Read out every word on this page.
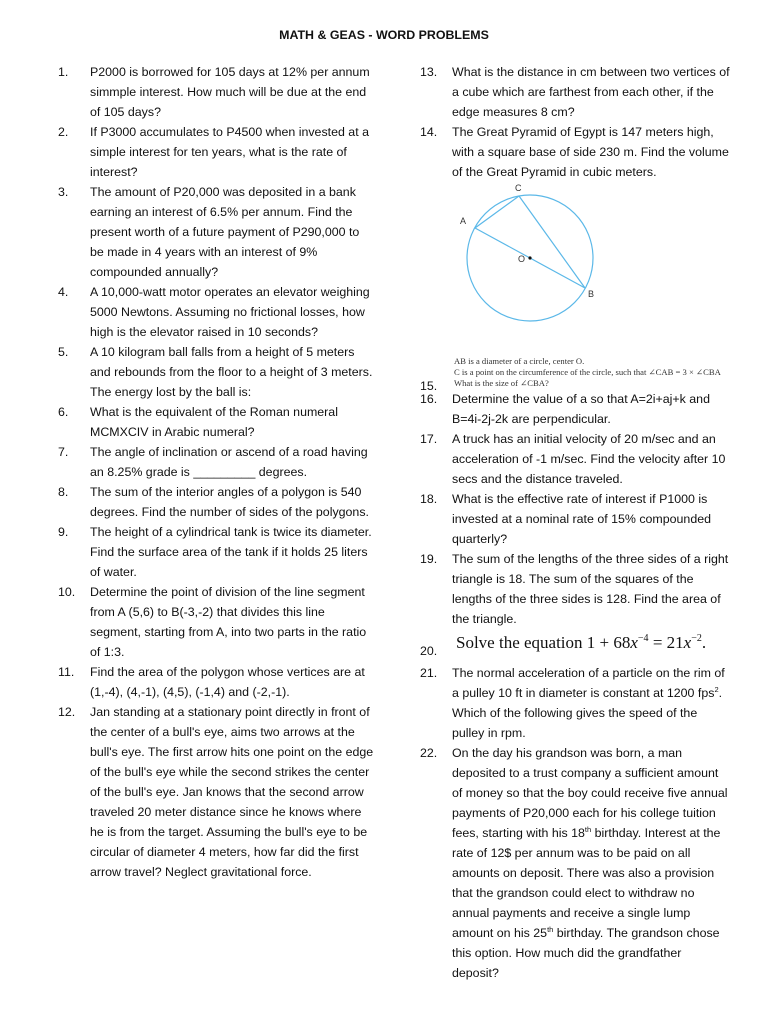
MATH & GEAS - WORD PROBLEMS
1. P2000 is borrowed for 105 days at 12% per annum simmple interest. How much will be due at the end of 105 days?
2. If P3000 accumulates to P4500 when invested at a simple interest for ten years, what is the rate of interest?
3. The amount of P20,000 was deposited in a bank earning an interest of 6.5% per annum. Find the present worth of a future payment of P290,000 to be made in 4 years with an interest of 9% compounded annually?
4. A 10,000-watt motor operates an elevator weighing 5000 Newtons. Assuming no frictional losses, how high is the elevator raised in 10 seconds?
5. A 10 kilogram ball falls from a height of 5 meters and rebounds from the floor to a height of 3 meters. The energy lost by the ball is:
6. What is the equivalent of the Roman numeral MCMXCIV in Arabic numeral?
7. The angle of inclination or ascend of a road having an 8.25% grade is _________ degrees.
8. The sum of the interior angles of a polygon is 540 degrees. Find the number of sides of the polygons.
9. The height of a cylindrical tank is twice its diameter. Find the surface area of the tank if it holds 25 liters of water.
10. Determine the point of division of the line segment from A (5,6) to B(-3,-2) that divides this line segment, starting from A, into two parts in the ratio of 1:3.
11. Find the area of the polygon whose vertices are at (1,-4), (4,-1), (4,5), (-1,4) and (-2,-1).
12. Jan standing at a stationary point directly in front of the center of a bull's eye, aims two arrows at the bull's eye. The first arrow hits one point on the edge of the bull's eye while the second strikes the center of the bull's eye. Jan knows that the second arrow traveled 20 meter distance since he knows where he is from the target. Assuming the bull's eye to be circular of diameter 4 meters, how far did the first arrow travel? Neglect gravitational force.
13. What is the distance in cm between two vertices of a cube which are farthest from each other, if the edge measures 8 cm?
14. The Great Pyramid of Egypt is 147 meters high, with a square base of side 230 m. Find the volume of the Great Pyramid in cubic meters.
A
B
C
O
AB is a diameter of a circle, center O.
C is a point on the circumference of the circle, such that ∠CAB = 3 × ∠CBA
15. What is the size of ∠CBA?
16. Determine the value of a so that A=2i+aj+k and B=4i-2j-2k are perpendicular.
17. A truck has an initial velocity of 20 m/sec and an acceleration of -1 m/sec. Find the velocity after 10 secs and the distance traveled.
18. What is the effective rate of interest if P1000 is invested at a nominal rate of 15% compounded quarterly?
19. The sum of the lengths of the three sides of a right triangle is 18. The sum of the squares of the lengths of the three sides is 128. Find the area of the triangle.
20. Solve the equation $1 + 68x^{-4} = 21x^{-2}$.
21. The normal acceleration of a particle on the rim of a pulley 10 ft in diameter is constant at 1200 fps$^2$. Which of the following gives the speed of the pulley in rpm.
22. On the day his grandson was born, a man deposited to a trust company a sufficient amount of money so that the boy could receive five annual payments of P20,000 each for his college tuition fees, starting with his 18th birthday. Interest at the rate of 12$ per annum was to be paid on all amounts on deposit. There was also a provision that the grandson could elect to withdraw no annual payments and receive a single lump amount on his 25th birthday. The grandson chose this option. How much did the grandfather deposit?
